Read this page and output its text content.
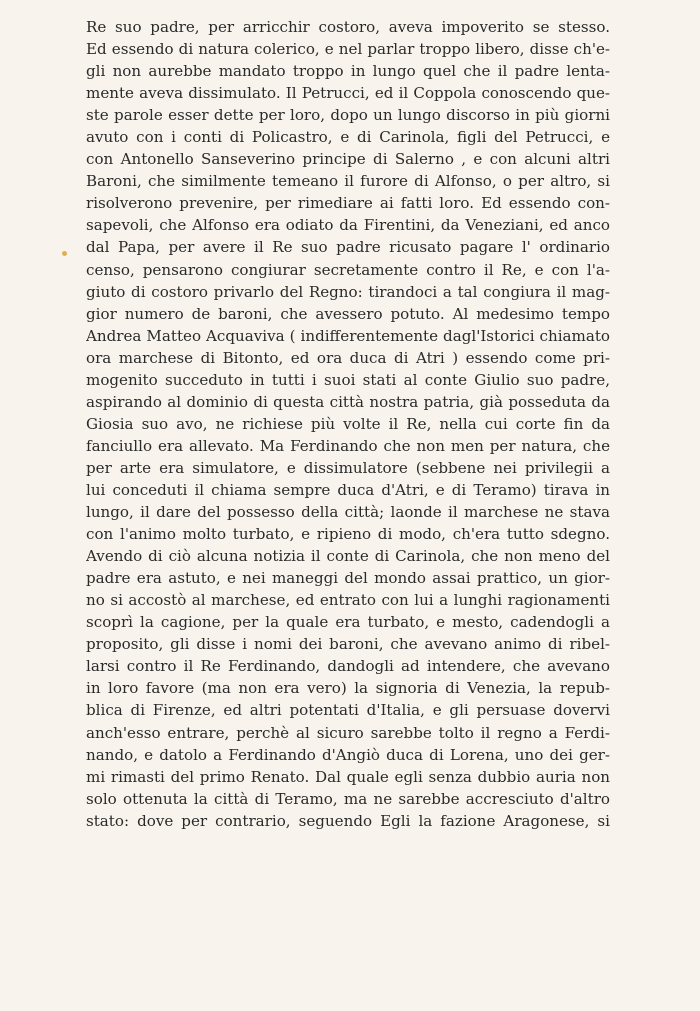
Re suo padre, per arricchir costoro, aveva impoverito se stesso.
Ed essendo di natura colerico, e nel parlar troppo libero, disse ch'e-
gli non aurebbe mandato troppo in lungo quel che il padre lenta-
mente aveva dissimulato. Il Petrucci, ed il Coppola conoscendo que-
ste parole esser dette per loro, dopo un lungo discorso in più giorni
avuto con i conti di Policastro, e di Carinola, figli del Petrucci, e
con Antonello Sanseverino principe di Salerno , e con alcuni altri
Baroni, che similmente temeano il furore di Alfonso, o per altro, si
risolverono prevenire, per rimediare ai fatti loro. Ed essendo con-
sapevoli, che Alfonso era odiato da Firentini, da Veneziani, ed anco
dal Papa, per avere il Re suo padre ricusato pagare l' ordinario
censo, pensarono congiurar secretamente contro il Re, e con l'a-
giuto di costoro privarlo del Regno: tirandoci a tal congiura il mag-
gior numero de baroni, che avessero potuto. Al medesimo tempo
Andrea Matteo Acquaviva ( indifferentemente dagl'Istorici chiamato
ora marchese di Bitonto, ed ora duca di Atri ) essendo come pri-
mogenito succeduto in tutti i suoi stati al conte Giulio suo padre,
aspirando al dominio di questa città nostra patria, già posseduta da
Giosia suo avo, ne richiese più volte il Re, nella cui corte fin da
fanciullo era allevato. Ma Ferdinando che non men per natura, che
per arte era simulatore, e dissimulatore (sebbene nei privilegii a
lui conceduti il chiama sempre duca d'Atri, e di Teramo) tirava in
lungo, il dare del possesso della città; laonde il marchese ne stava
con l'animo molto turbato, e ripieno di modo, ch'era tutto sdegno.
Avendo di ciò alcuna notizia il conte di Carinola, che non meno del
padre era astuto, e nei maneggi del mondo assai prattico, un gior-
no si accostò al marchese, ed entrato con lui a lunghi ragionamenti
scoprì la cagione, per la quale era turbato, e mesto, cadendogli a
proposito, gli disse i nomi dei baroni, che avevano animo di ribel-
larsi contro il Re Ferdinando, dandogli ad intendere, che avevano
in loro favore (ma non era vero) la signoria di Venezia, la repub-
blica di Firenze, ed altri potentati d'Italia, e gli persuase dovervi
anch'esso entrare, perchè al sicuro sarebbe tolto il regno a Ferdi-
nando, e datolo a Ferdinando d'Angiò duca di Lorena, uno dei ger-
mi rimasti del primo Renato. Dal quale egli senza dubbio auria non
solo ottenuta la città di Teramo, ma ne sarebbe accresciuto d'altro
stato: dove per contrario, seguendo Egli la fazione Aragonese, si
